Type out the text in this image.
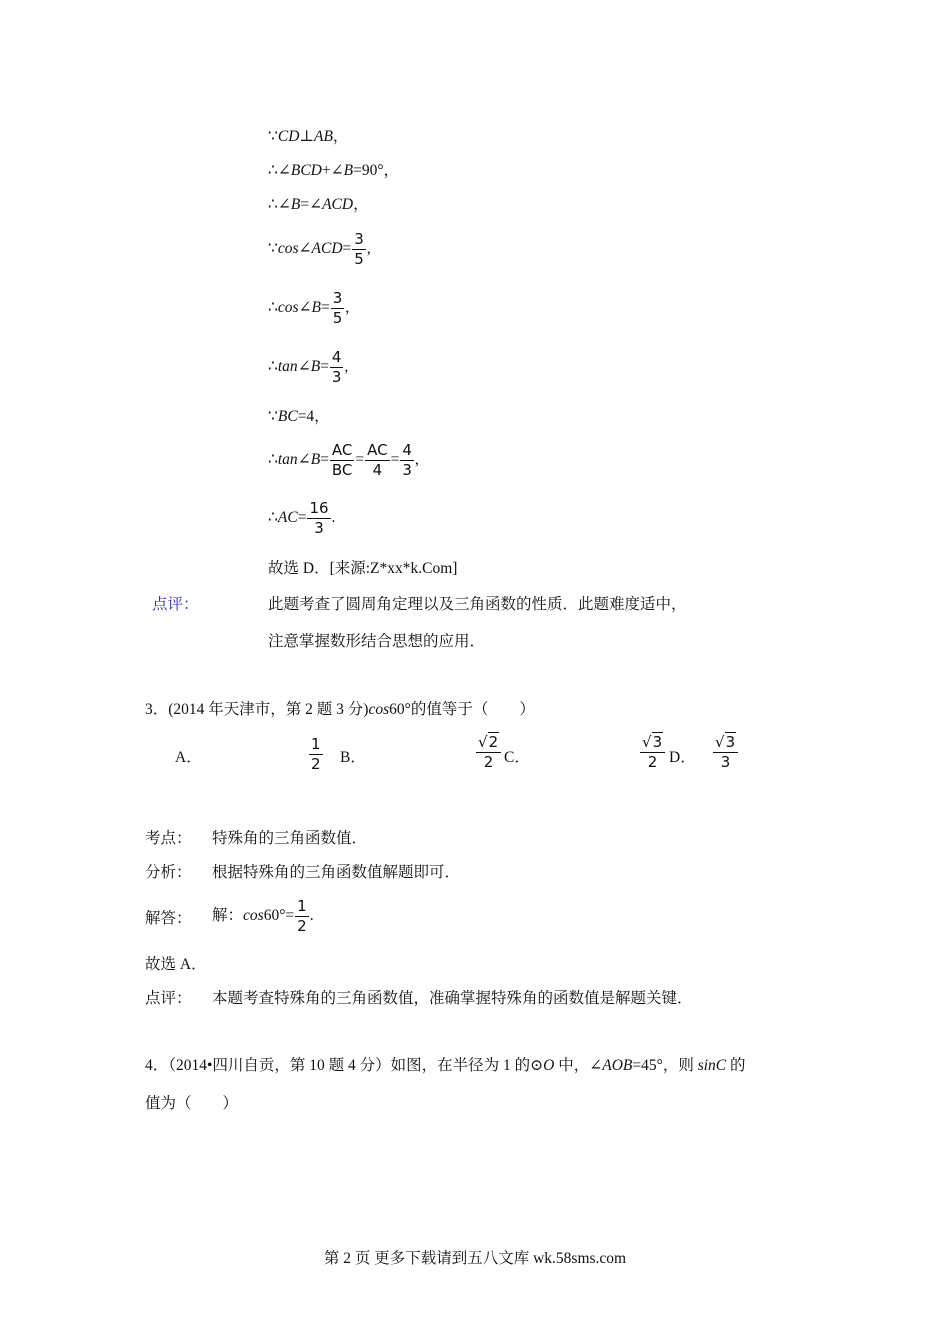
∵CD⊥AB，
∴∠BCD+∠B=90°，
∴∠B=∠ACD，
∵cos∠ACD= $\frac{3}{5}$ ,
∴cos∠B= $\frac{3}{5}$ ,
∴tan∠B= $\frac{4}{3}$ ,
∵BC=4，
∴tan∠B= $\frac{AC}{BC} = \frac{AC}{4} = \frac{4}{3}$ ,
∴AC= $\frac{16}{3}$ .
故选 D．[来源:Z*xx*k.Com]
点评：	此题考查了圆周角定理以及三角函数的性质．此题难度适中，
注意掌握数形结合思想的应用．
3．(2014 年天津市，第 2 题 3 分)cos60°的值等于（　　）
A．	$\frac{1}{2}$ B．	$\frac{√2}{2}$ C．	$\frac{√3}{2}$ D． $\frac{√3}{3}$
考点： 特殊角的三角函数值．
分析： 根据特殊角的三角函数值解题即可．
解答： 解：$\cos 60^\circ= \frac{1}{2}$ .
故选 A．
点评： 本题考查特殊角的三角函数值，准确掌握特殊角的函数值是解题关键．
4．（2014•四川自贡，第 10 题 4 分）如图，在半径为 1 的⊙O 中，∠AOB=45°，则 sinC 的
值为（　　）
第 2 页 更多下载请到五八文库 wk.58sms.com
